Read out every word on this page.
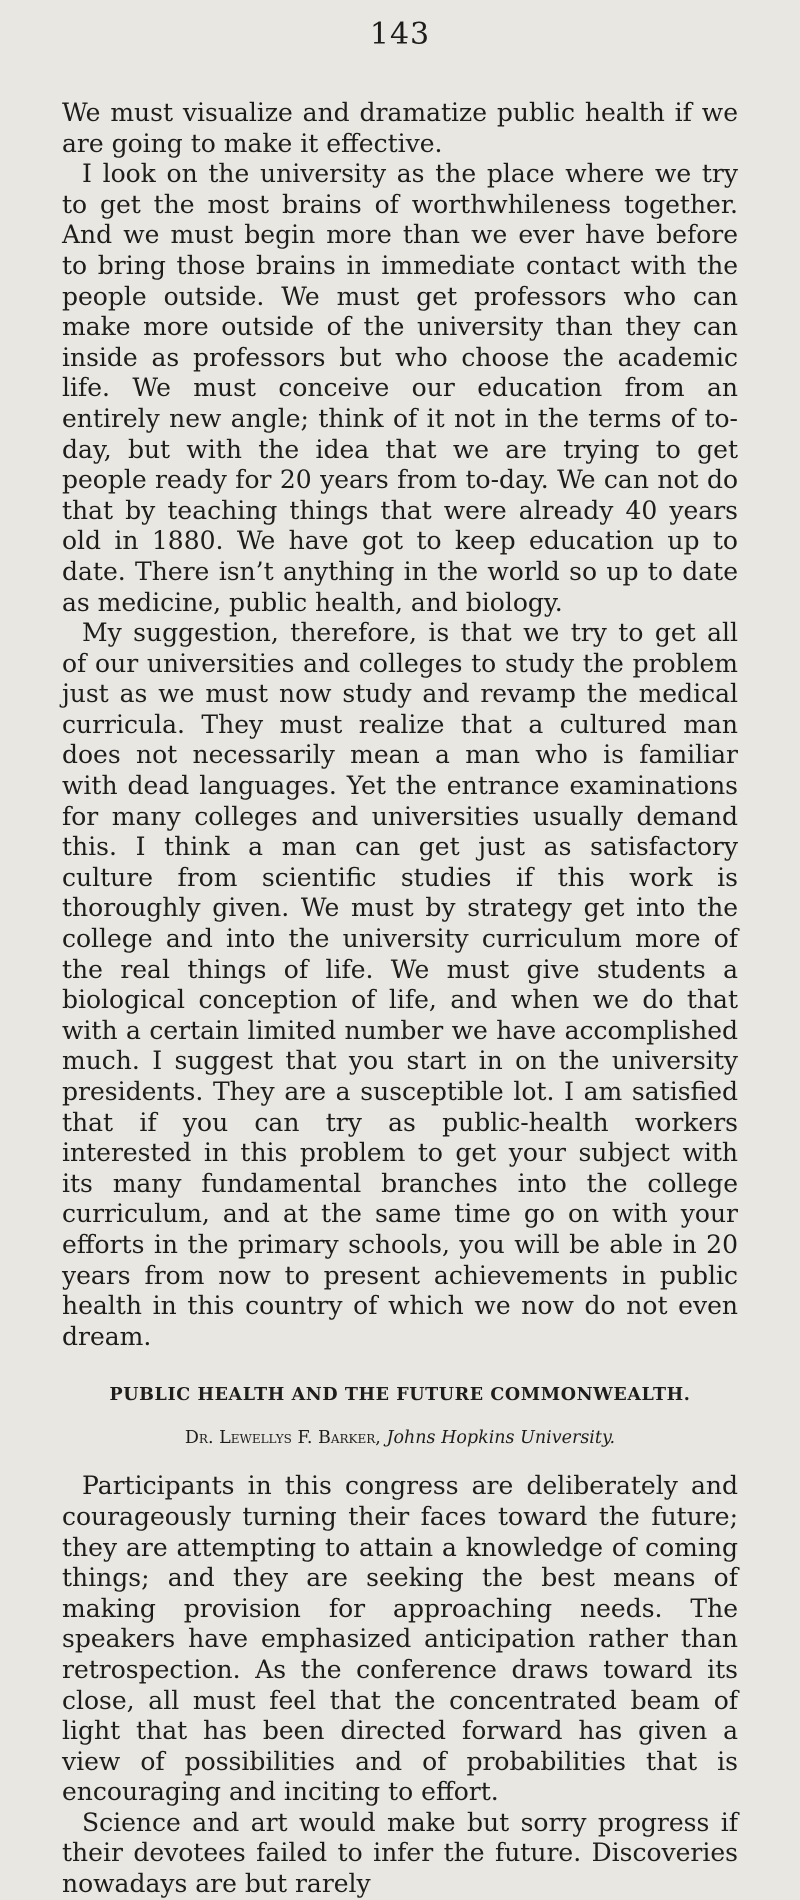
143

We must visualize and dramatize public health if we are going to make it effective.

I look on the university as the place where we try to get the most brains of worthwhileness together. And we must begin more than we ever have before to bring those brains in immediate contact with the people outside. We must get professors who can make more outside of the university than they can inside as professors but who choose the academic life. We must conceive our education from an entirely new angle; think of it not in the terms of to-day, but with the idea that we are trying to get people ready for 20 years from to-day. We can not do that by teaching things that were already 40 years old in 1880. We have got to keep education up to date. There isn’t anything in the world so up to date as medicine, public health, and biology.

My suggestion, therefore, is that we try to get all of our universities and colleges to study the problem just as we must now study and revamp the medical curricula. They must realize that a cultured man does not necessarily mean a man who is familiar with dead languages. Yet the entrance examinations for many colleges and universities usually demand this. I think a man can get just as satisfactory culture from scientific studies if this work is thoroughly given. We must by strategy get into the college and into the university curriculum more of the real things of life. We must give students a biological conception of life, and when we do that with a certain limited number we have accomplished much. I suggest that you start in on the university presidents. They are a susceptible lot. I am satisfied that if you can try as public-health workers interested in this problem to get your subject with its many fundamental branches into the college curriculum, and at the same time go on with your efforts in the primary schools, you will be able in 20 years from now to present achievements in public health in this country of which we now do not even dream.

PUBLIC HEALTH AND THE FUTURE COMMONWEALTH.
Dr. Lewellys F. Barker, Johns Hopkins University.

Participants in this congress are deliberately and courageously turning their faces toward the future; they are attempting to attain a knowledge of coming things; and they are seeking the best means of making provision for approaching needs. The speakers have emphasized anticipation rather than retrospection. As the conference draws toward its close, all must feel that the concentrated beam of light that has been directed forward has given a view of possibilities and of probabilities that is encouraging and inciting to effort.

Science and art would make but sorry progress if their devotees failed to infer the future. Discoveries nowadays are but rarely
